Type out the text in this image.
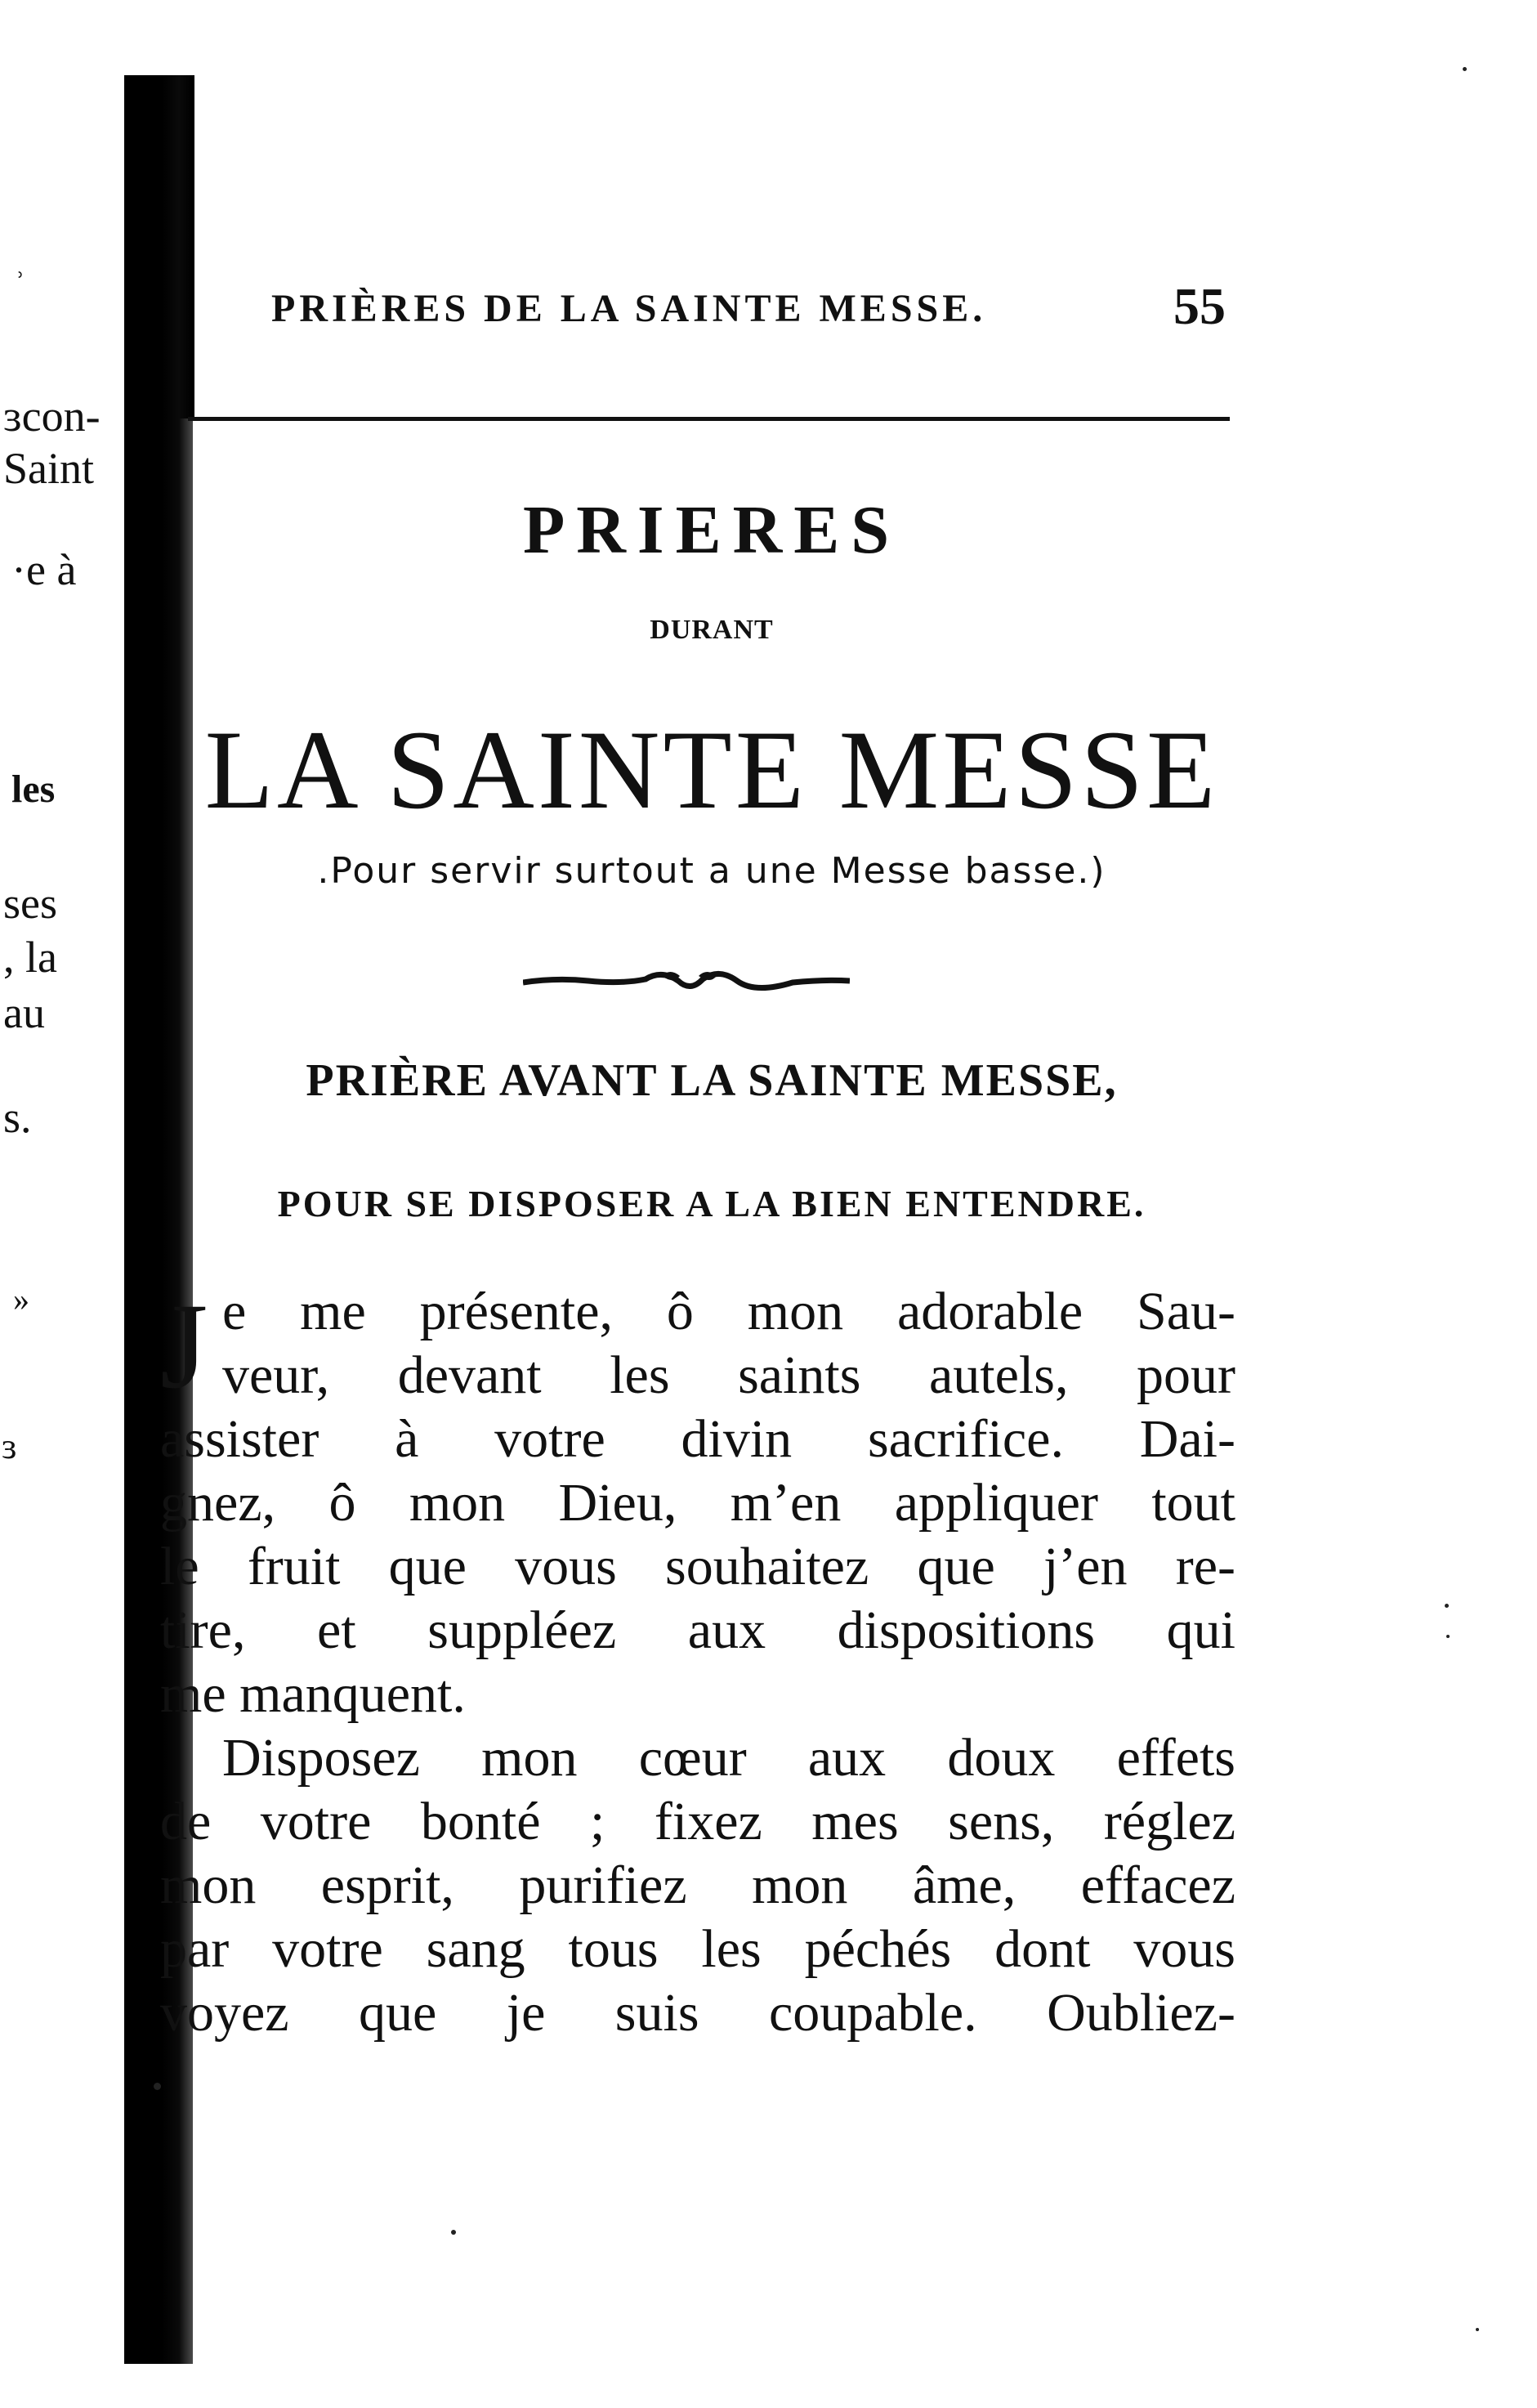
ʾ
ɜcon-
Saint
·e à
les
ses
, la
au
s.
»
ɜ
PRIÈRES DE LA SAINTE MESSE.	55
PRIERES
DURANT
LA SAINTE MESSE
.Pour servir surtout a une Messe basse.)
PRIÈRE AVANT LA SAINTE MESSE,
POUR SE DISPOSER A LA BIEN ENTENDRE.
J e me présente, ô mon adorable Sau-
veur, devant les saints autels, pour
assister à votre divin sacrifice. Dai-
gnez, ô mon Dieu, m’en appliquer tout
le fruit que vous souhaitez que j’en re-
tire, et suppléez aux dispositions qui
me manquent.
Disposez mon cœur aux doux effets
de votre bonté ; fixez mes sens, réglez
mon esprit, purifiez mon âme, effacez
par votre sang tous les péchés dont vous
voyez que je suis coupable. Oubliez-
